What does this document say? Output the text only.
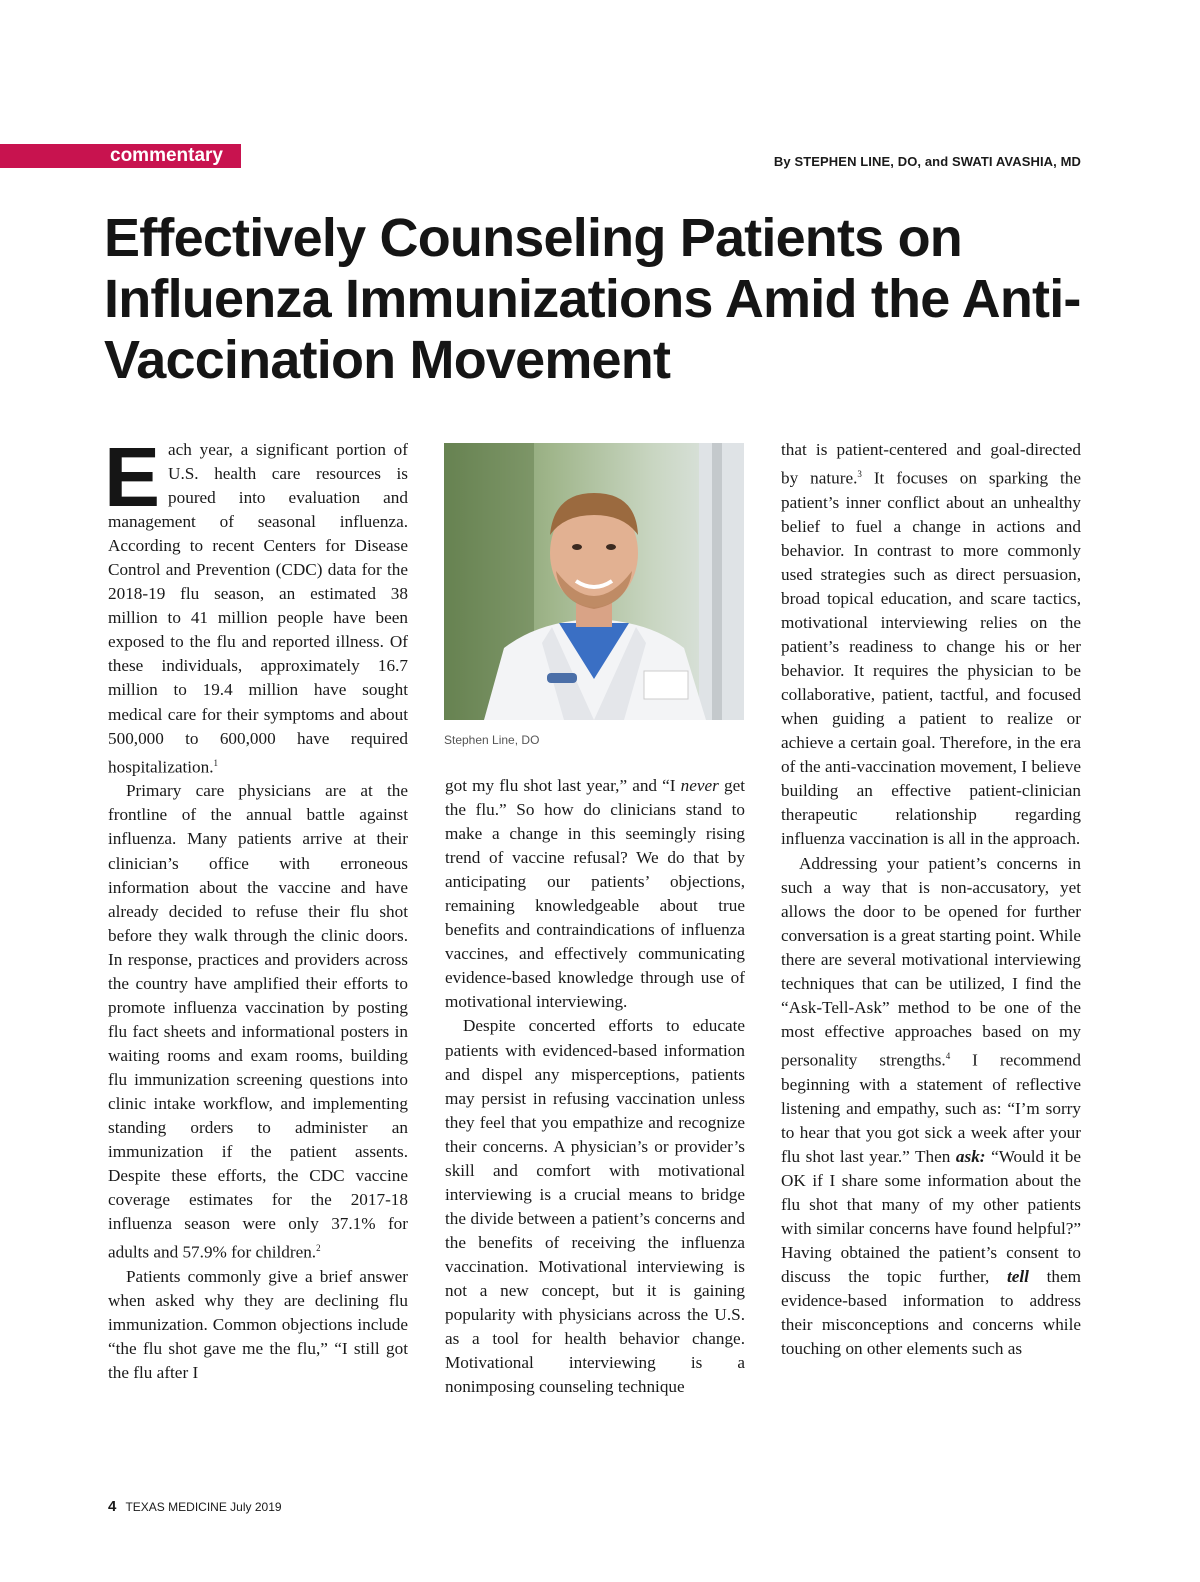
commentary	By STEPHEN LINE, DO, and SWATI AVASHIA, MD
Effectively Counseling Patients on Influenza Immunizations Amid the Anti-Vaccination Movement

Each year, a significant portion of U.S. health care resources is poured into evaluation and management of seasonal influenza. According to recent Centers for Disease Control and Prevention (CDC) data for the 2018-19 flu season, an estimated 38 million to 41 million people have been exposed to the flu and reported illness. Of these individuals, approximately 16.7 million to 19.4 million have sought medical care for their symptoms and about 500,000 to 600,000 have required hospitalization.$^1$

Primary care physicians are at the frontline of the annual battle against influenza. Many patients arrive at their clinician’s office with erroneous information about the vaccine and have already decided to refuse their flu shot before they walk through the clinic doors. In response, practices and providers across the country have amplified their efforts to promote influenza vaccination by posting flu fact sheets and informational posters in waiting rooms and exam rooms, building flu immunization screening questions into clinic intake workflow, and implementing standing orders to administer an immunization if the patient assents. Despite these efforts, the CDC vaccine coverage estimates for the 2017-18 influenza season were only 37.1% for adults and 57.9% for children.$^2$

Patients commonly give a brief answer when asked why they are declining flu immunization. Common objections include “the flu shot gave me the flu,” “I still got the flu after I

Stephen Line, DO

got my flu shot last year,” and “I never get the flu.” So how do clinicians stand to make a change in this seemingly rising trend of vaccine refusal? We do that by anticipating our patients’ objections, remaining knowledgeable about true benefits and contraindications of influenza vaccines, and effectively communicating evidence-based knowledge through use of motivational interviewing.

Despite concerted efforts to educate patients with evidenced-based information and dispel any misperceptions, patients may persist in refusing vaccination unless they feel that you empathize and recognize their concerns. A physician’s or provider’s skill and comfort with motivational interviewing is a crucial means to bridge the divide between a patient’s concerns and the benefits of receiving the influenza vaccination. Motivational interviewing is not a new concept, but it is gaining popularity with physicians across the U.S. as a tool for health behavior change. Motivational interviewing is a nonimposing counseling technique

that is patient-centered and goal-directed by nature.$^3$ It focuses on sparking the patient’s inner conflict about an unhealthy belief to fuel a change in actions and behavior. In contrast to more commonly used strategies such as direct persuasion, broad topical education, and scare tactics, motivational interviewing relies on the patient’s readiness to change his or her behavior. It requires the physician to be collaborative, patient, tactful, and focused when guiding a patient to realize or achieve a certain goal. Therefore, in the era of the anti-vaccination movement, I believe building an effective patient-clinician therapeutic relationship regarding influenza vaccination is all in the approach.

Addressing your patient’s concerns in such a way that is non-accusatory, yet allows the door to be opened for further conversation is a great starting point. While there are several motivational interviewing techniques that can be utilized, I find the “Ask-Tell-Ask” method to be one of the most effective approaches based on my personality strengths.$^4$ I recommend beginning with a statement of reflective listening and empathy, such as: “I’m sorry to hear that you got sick a week after your flu shot last year.” Then ask: “Would it be OK if I share some information about the flu shot that many of my other patients with similar concerns have found helpful?” Having obtained the patient’s consent to discuss the topic further, tell them evidence-based information to address their misconceptions and concerns while touching on other elements such as

4 TEXAS MEDICINE July 2019
